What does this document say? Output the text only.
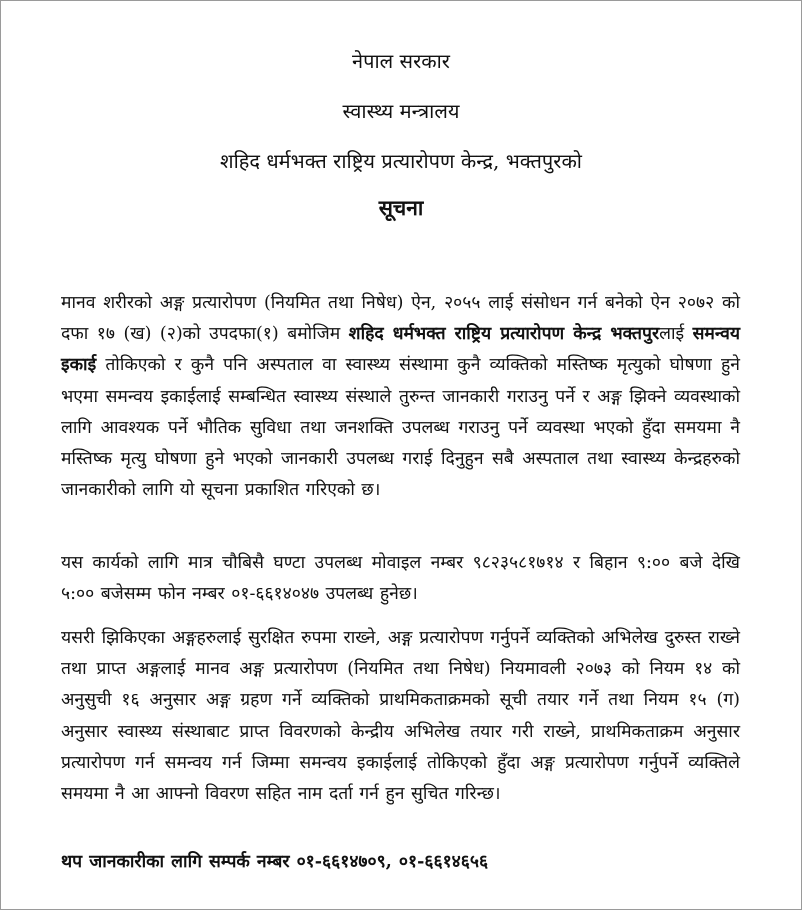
नेपाल सरकार
स्वास्थ्य मन्त्रालय
शहिद धर्मभक्त राष्ट्रिय प्रत्यारोपण केन्द्र, भक्तपुरको
सूचना

मानव शरीरको अङ्ग प्रत्यारोपण (नियमित तथा निषेध) ऐन, २०५५ लाई संसोधन गर्न बनेको ऐन २०७२ को दफा १७ (ख) (२)को उपदफा(१) बमोजिम शहिद धर्मभक्त राष्ट्रिय प्रत्यारोपण केन्द्र भक्तपुरलाई समन्वय इकाई तोकिएको र कुनै पनि अस्पताल वा स्वास्थ्य संस्थामा कुनै व्यक्तिको मस्तिष्क मृत्युको घोषणा हुने भएमा समन्वय इकाईलाई सम्बन्धित स्वास्थ्य संस्थाले तुरुन्त जानकारी गराउनु पर्ने र अङ्ग झिक्ने व्यवस्थाको लागि आवश्यक पर्ने भौतिक सुविधा तथा जनशक्ति उपलब्ध गराउनु पर्ने व्यवस्था भएको हुँदा समयमा नै मस्तिष्क मृत्यु घोषणा हुने भएको जानकारी उपलब्ध गराई दिनुहुन सबै अस्पताल तथा स्वास्थ्य केन्द्रहरुको जानकारीको लागि यो सूचना प्रकाशित गरिएको छ।

यस कार्यको लागि मात्र चौबिसै घण्टा उपलब्ध मोवाइल नम्बर ९८२३५८१७१४ र बिहान ९:०० बजे देखि ५:०० बजेसम्म फोन नम्बर ०१-६६१४०४७ उपलब्ध हुनेछ।

यसरी झिकिएका अङ्गहरुलाई सुरक्षित रुपमा राख्ने, अङ्ग प्रत्यारोपण गर्नुपर्ने व्यक्तिको अभिलेख दुरुस्त राख्ने तथा प्राप्त अङ्गलाई मानव अङ्ग प्रत्यारोपण (नियमित तथा निषेध) नियमावली २०७३ को नियम १४ को अनुसुची १६ अनुसार अङ्ग ग्रहण गर्ने व्यक्तिको प्राथमिकताक्रमको सूची तयार गर्ने तथा नियम १५ (ग) अनुसार स्वास्थ्य संस्थाबाट प्राप्त विवरणको केन्द्रीय अभिलेख तयार गरी राख्ने, प्राथमिकताक्रम अनुसार प्रत्यारोपण गर्न समन्वय गर्न जिम्मा समन्वय इकाईलाई तोकिएको हुँदा अङ्ग प्रत्यारोपण गर्नुपर्ने व्यक्तिले समयमा नै आ आफ्नो विवरण सहित नाम दर्ता गर्न हुन सुचित गरिन्छ।

थप जानकारीका लागि सम्पर्क नम्बर ०१-६६१४७०९, ०१-६६१४६५६
